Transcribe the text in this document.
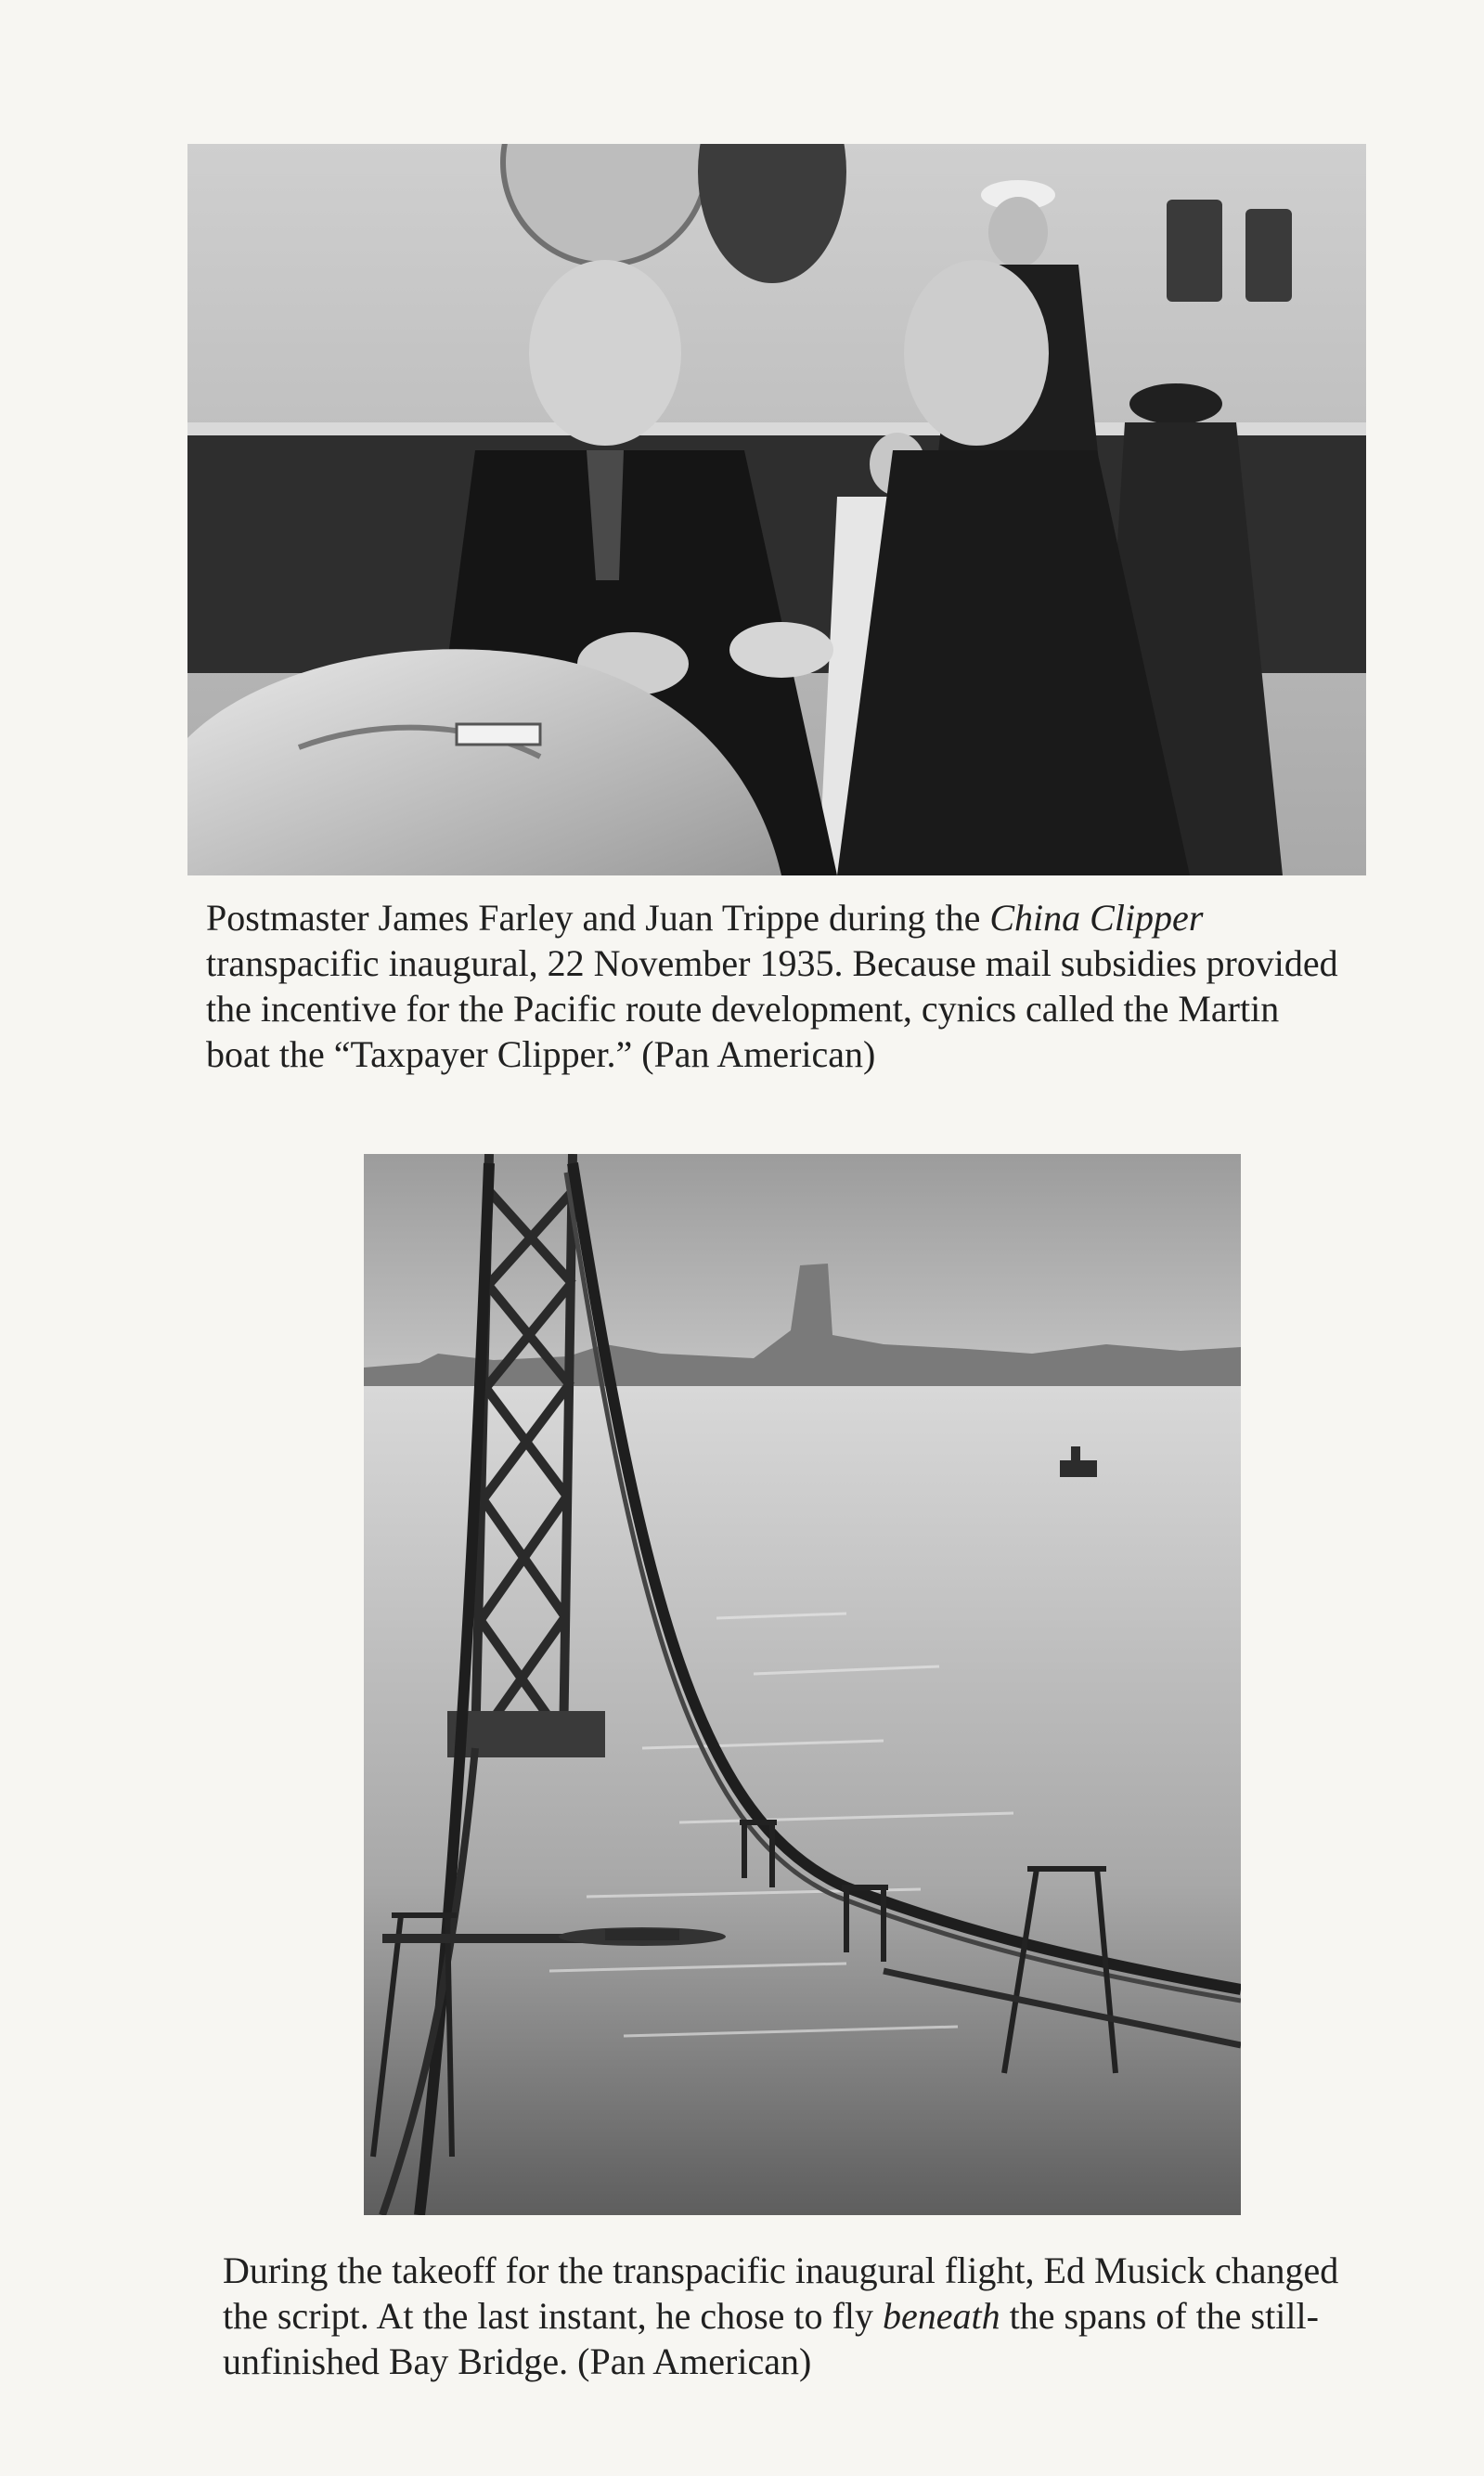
Postmaster James Farley and Juan Trippe during the China Clipper
transpacific inaugural, 22 November 1935. Because mail subsidies provided
the incentive for the Pacific route development, cynics called the Martin
boat the “Taxpayer Clipper.” (Pan American)

During the takeoff for the transpacific inaugural flight, Ed Musick changed
the script. At the last instant, he chose to fly beneath the spans of the still-
unfinished Bay Bridge. (Pan American)
